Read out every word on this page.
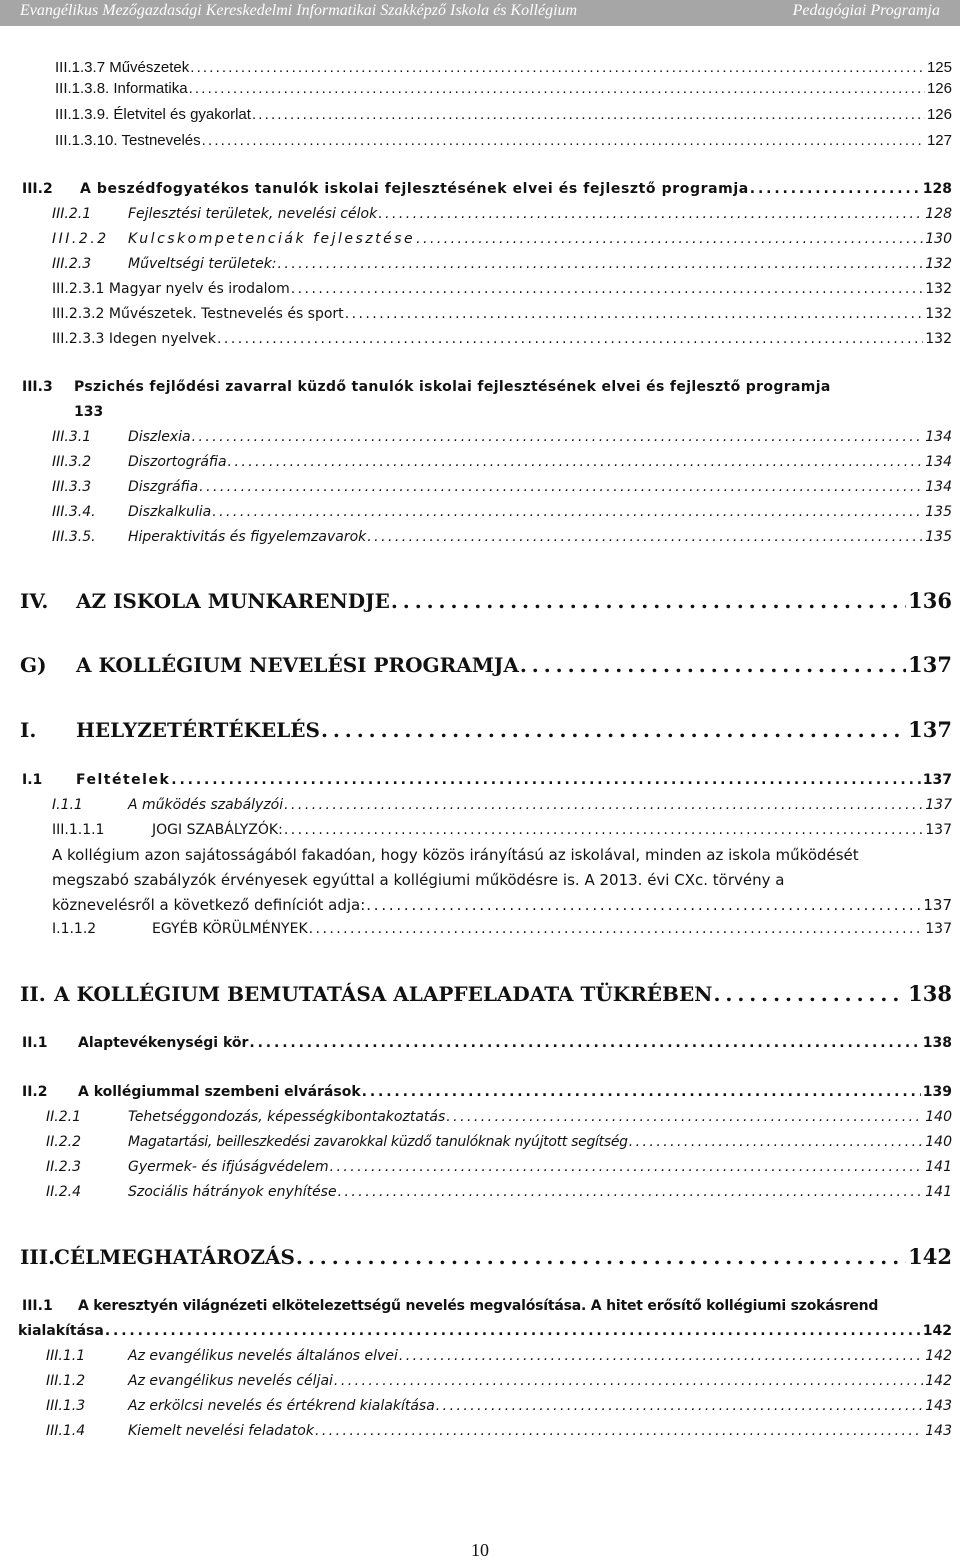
Evangélikus Mezőgazdasági Kereskedelmi Informatikai Szakképző Iskola és Kollégium	Pedagógiai Programja
III.1.3.7 Művészetek . . .	125
III.1.3.8. Informatika . . .	126
III.1.3.9. Életvitel és gyakorlat . . .	126
III.1.3.10. Testnevelés . . .	127
III.2	A beszédfogyatékos tanulók iskolai fejlesztésének elvei és fejlesztő programja . . .	128
III.2.1	Fejlesztési területek, nevelési célok . . .	128
III.2.2	Kulcskompetenciák fejlesztése . . .	130
III.2.3	Műveltségi területek: . . .	132
III.2.3.1 Magyar nyelv és irodalom . . .	132
III.2.3.2 Művészetek. Testnevelés és sport . . .	132
III.2.3.3 Idegen nyelvek . . .	132
III.3	Pszichés fejlődési zavarral küzdő tanulók iskolai fejlesztésének elvei és fejlesztő programja
133
III.3.1	Diszlexia . . .	134
III.3.2	Diszortográfia . . .	134
III.3.3	Diszgráfia . . .	134
III.3.4.	Diszkalkulia . . .	135
III.3.5.	Hiperaktivitás és figyelemzavarok . . .	135
IV.	AZ ISKOLA MUNKARENDJE . . .	136
G)	A KOLLÉGIUM NEVELÉSI PROGRAMJA . . .	137
I.	HELYZETÉRTÉKELÉS . . .	137
I.1	Feltételek . . .	137
I.1.1	A működés szabályzói . . .	137
III.1.1.1	JOGI SZABÁLYZÓK: . . .	137
A kollégium azon sajátosságából fakadóan, hogy közös irányítású az iskolával, minden az iskola működését
megszabó szabályzók érvényesek egyúttal a kollégiumi működésre is. A 2013. évi CXc. törvény a
köznevelésről a következő definíciót adja: . . .	137
I.1.1.2	EGYÉB KÖRÜLMÉNYEK . . .	137
II. A KOLLÉGIUM BEMUTATÁSA ALAPFELADATA TÜKRÉBEN . . .	138
II.1	Alaptevékenységi kör . . .	138
II.2	A kollégiummal szembeni elvárások . . .	139
II.2.1	Tehetséggondozás, képességkibontakoztatás . . .	140
II.2.2	Magatartási, beilleszkedési zavarokkal küzdő tanulóknak nyújtott segítség . . .	140
II.2.3	Gyermek- és ifjúságvédelem . . .	141
II.2.4	Szociális hátrányok enyhítése . . .	141
III.
CÉLMEGHATÁROZÁS . . .	142
III.1	A keresztyén világnézeti elkötelezettségű nevelés megvalósítása. A hitet erősítő kollégiumi szokásrend
kialakítása . . .	142
III.1.1	Az evangélikus nevelés általános elvei . . .	142
III.1.2	Az evangélikus nevelés céljai . . .	142
III.1.3	Az erkölcsi nevelés és értékrend kialakítása . . .	143
III.1.4	Kiemelt nevelési feladatok . . .	143
10
